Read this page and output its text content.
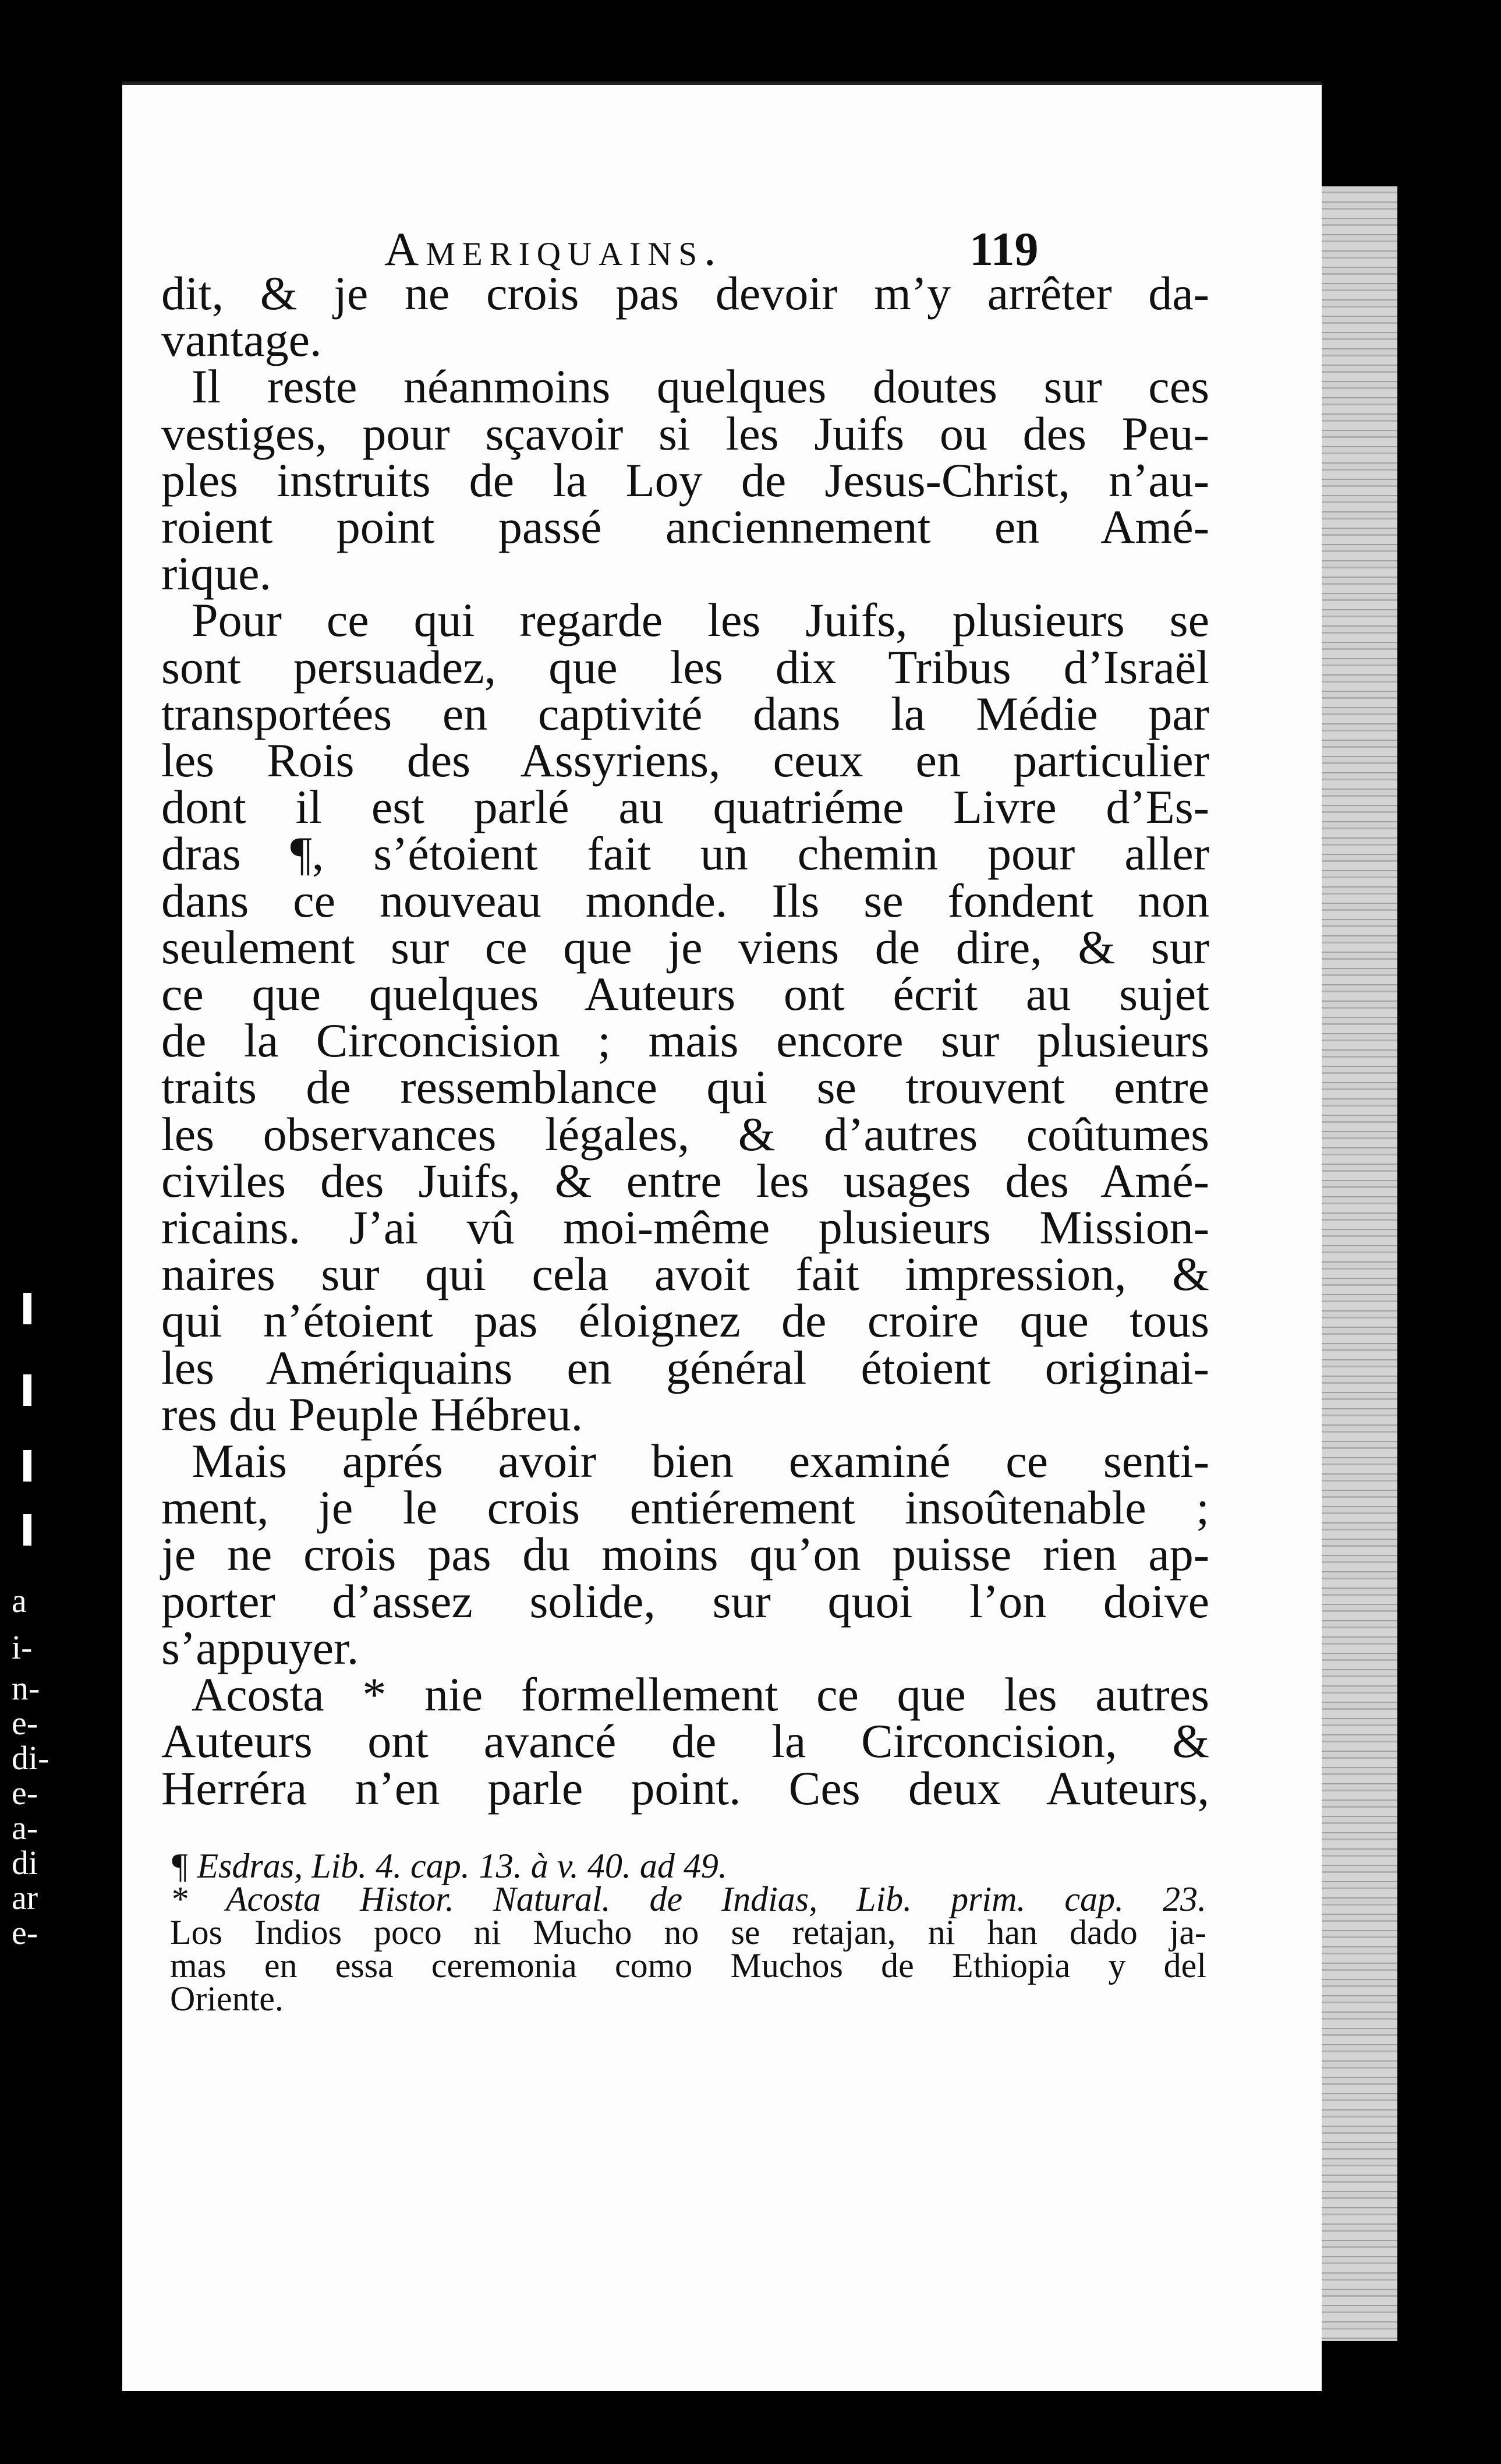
a
i-
n-
e-
di-
e-
a-
di
ar
e-
Ameriquains.	119
dit, & je ne crois pas devoir m’y arrêter da-
vantage.
Il reste néanmoins quelques doutes sur ces
vestiges, pour sçavoir si les Juifs ou des Peu-
ples instruits de la Loy de Jesus-Christ, n’au-
roient point passé anciennement en Amé-
rique.
Pour ce qui regarde les Juifs, plusieurs se
sont persuadez, que les dix Tribus d’Israël
transportées en captivité dans la Médie par
les Rois des Assyriens, ceux en particulier
dont il est parlé au quatriéme Livre d’Es-
dras ¶, s’étoient fait un chemin pour aller
dans ce nouveau monde. Ils se fondent non
seulement sur ce que je viens de dire, & sur
ce que quelques Auteurs ont écrit au sujet
de la Circoncision ; mais encore sur plusieurs
traits de ressemblance qui se trouvent entre
les observances légales, & d’autres coûtumes
civiles des Juifs, & entre les usages des Amé-
ricains. J’ai vû moi-même plusieurs Mission-
naires sur qui cela avoit fait impression, &
qui n’étoient pas éloignez de croire que tous
les Amériquains en général étoient originai-
res du Peuple Hébreu.
Mais aprés avoir bien examiné ce senti-
ment, je le crois entiérement insoûtenable ;
je ne crois pas du moins qu’on puisse rien ap-
porter d’assez solide, sur quoi l’on doive
s’appuyer.
Acosta * nie formellement ce que les autres
Auteurs ont avancé de la Circoncision, &
Herréra n’en parle point. Ces deux Auteurs,
¶ Esdras, Lib. 4. cap. 13. à v. 40. ad 49.
* Acosta Histor. Natural. de Indias, Lib. prim. cap. 23.
Los Indios poco ni Mucho no se retajan, ni han dado ja-
mas en essa ceremonia como Muchos de Ethiopia y del
Oriente.
